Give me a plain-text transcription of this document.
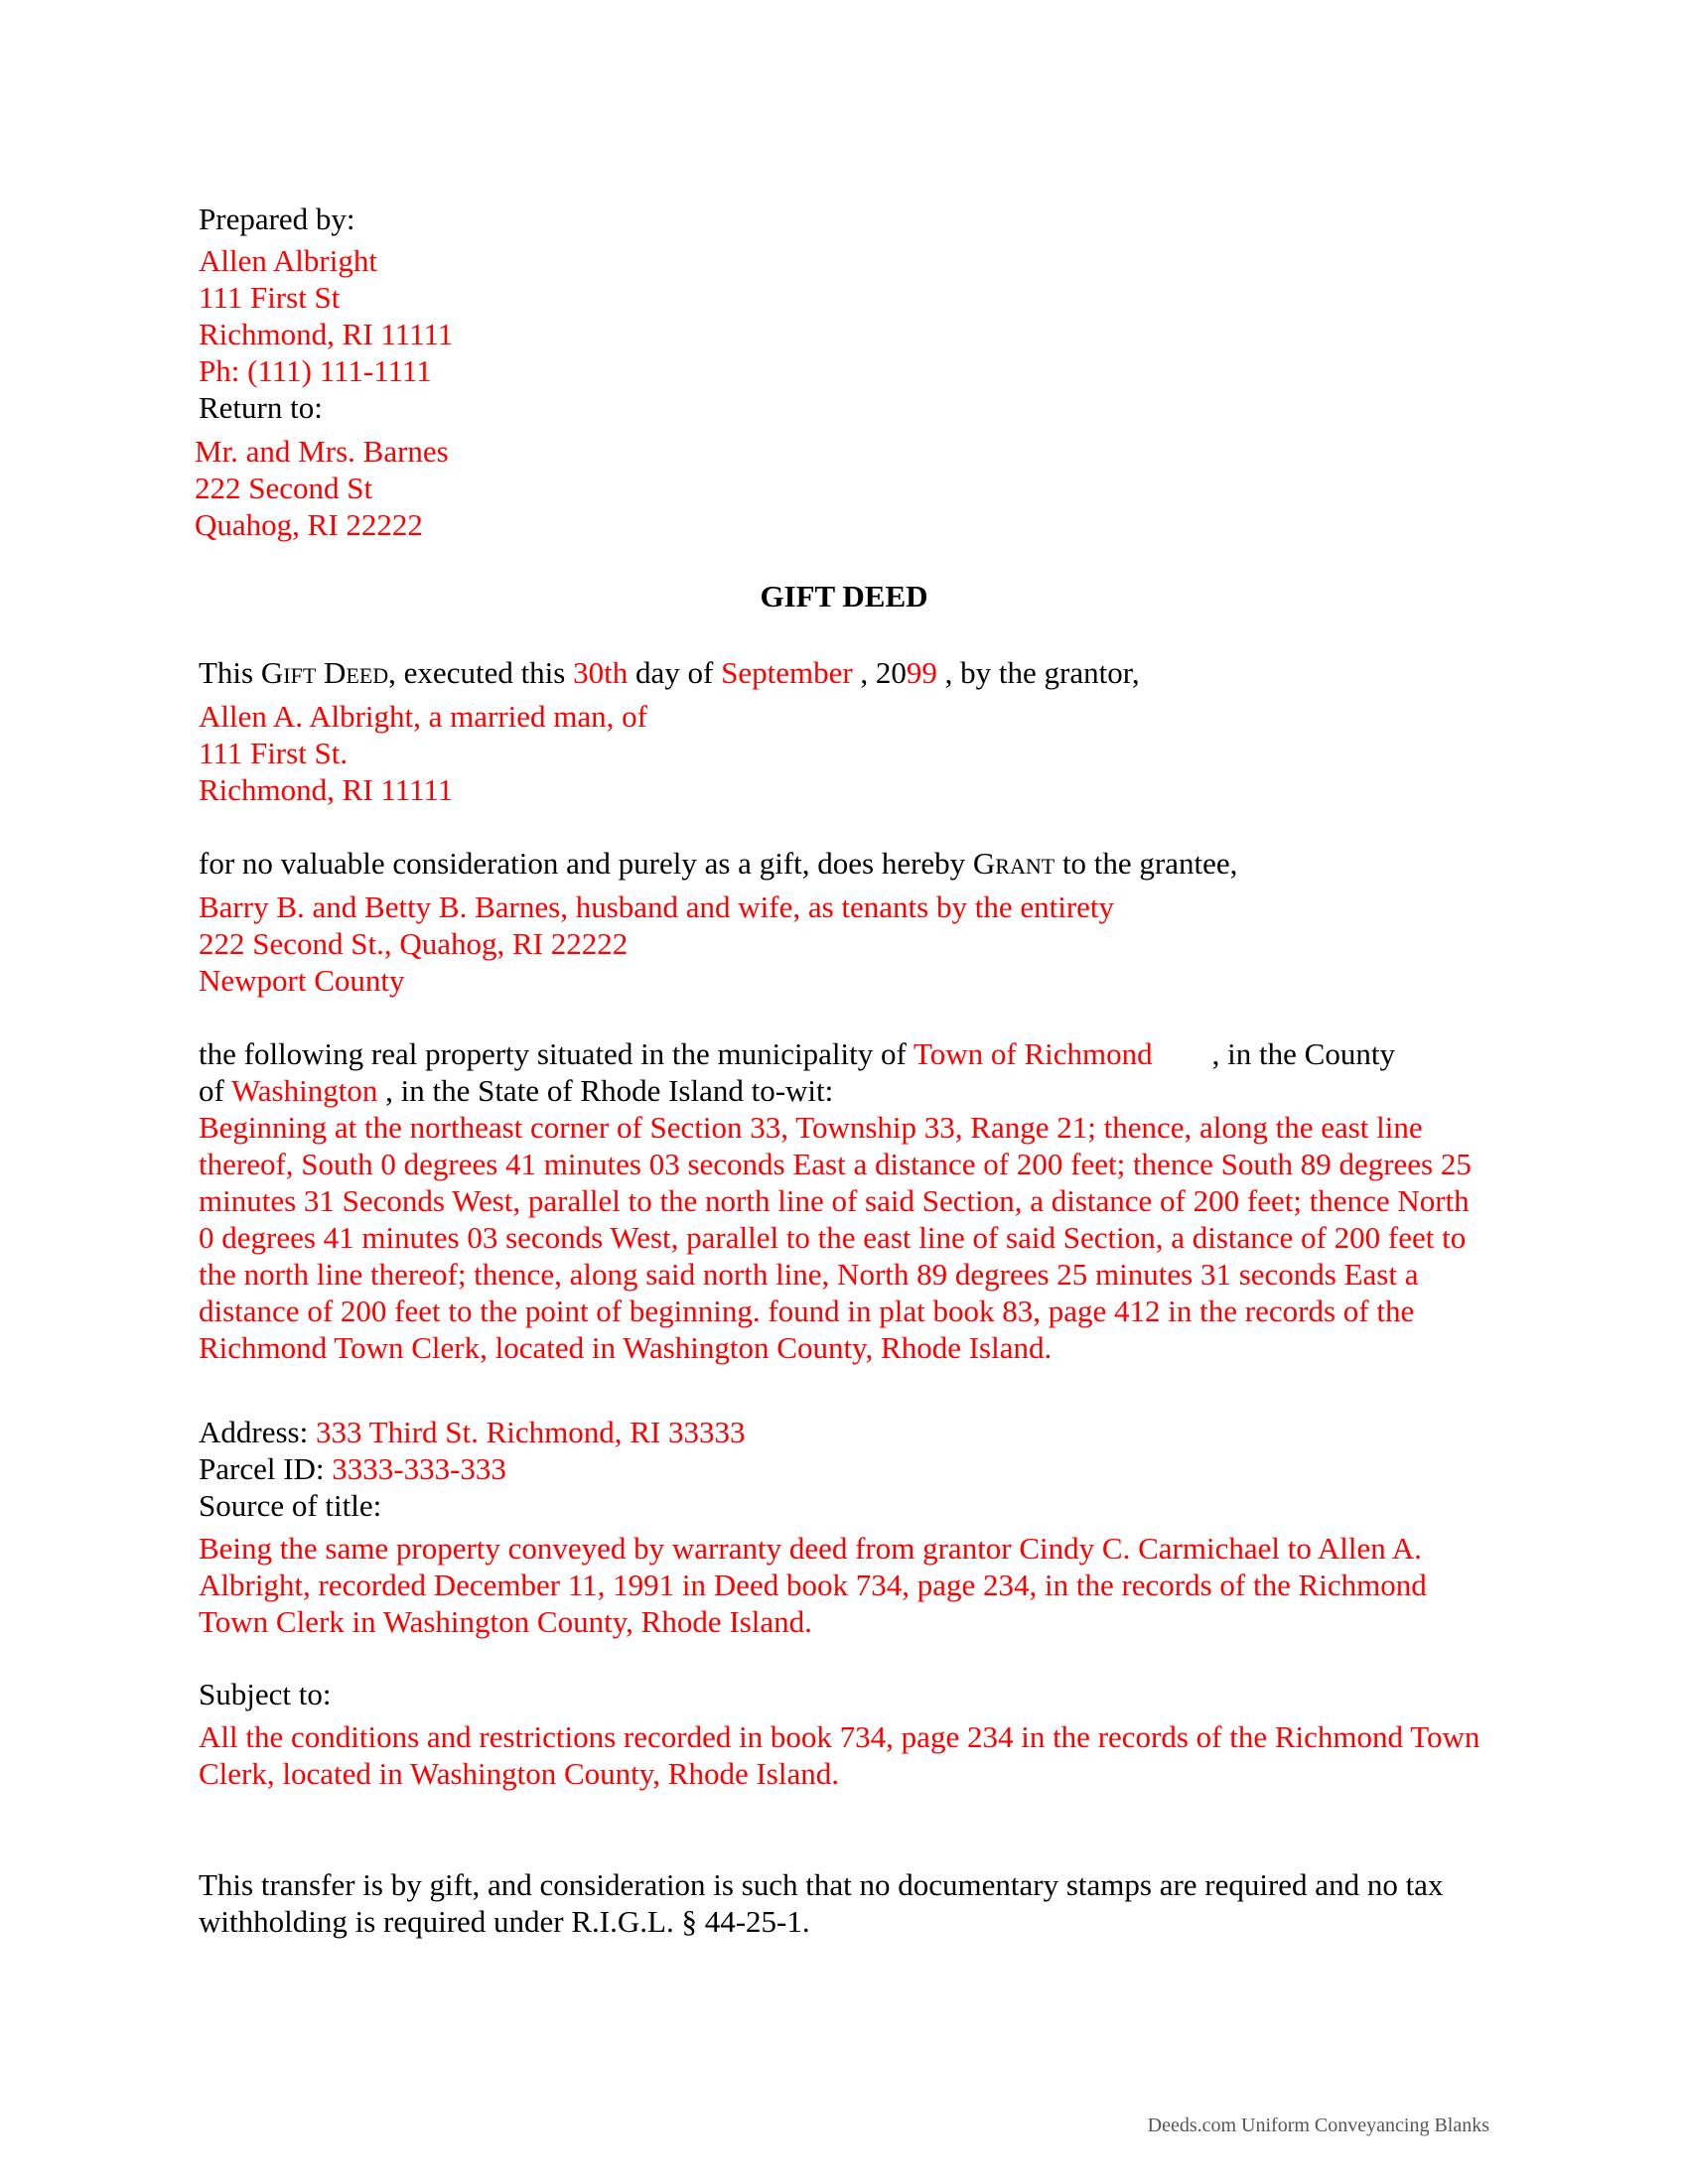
Prepared by:

Allen Albright

111 First St

Richmond, RI 11111

Ph: (111) 111-1111

Return to:

Mr. and Mrs. Barnes

222 Second St

Quahog, RI 22222

GIFT DEED

This Gift Deed, executed this 30th day of September , 2099 , by the grantor,

Allen A. Albright, a married man, of

111 First St.

Richmond, RI 11111

for no valuable consideration and purely as a gift, does hereby Grant to the grantee,

Barry B. and Betty B. Barnes, husband and wife, as tenants by the entirety

222 Second St., Quahog, RI 22222

Newport County

the following real property situated in the municipality of Town of Richmond , in the County

of Washington , in the State of Rhode Island to-wit:

Beginning at the northeast corner of Section 33, Township 33, Range 21; thence, along the east line thereof, South 0 degrees 41 minutes 03 seconds East a distance of 200 feet; thence South 89 degrees 25 minutes 31 Seconds West, parallel to the north line of said Section, a distance of 200 feet; thence North 0 degrees 41 minutes 03 seconds West, parallel to the east line of said Section, a distance of 200 feet to the north line thereof; thence, along said north line, North 89 degrees 25 minutes 31 seconds East a distance of 200 feet to the point of beginning. found in plat book 83, page 412 in the records of the Richmond Town Clerk, located in Washington County, Rhode Island.

Address: 333 Third St. Richmond, RI 33333

Parcel ID: 3333-333-333

Source of title:

Being the same property conveyed by warranty deed from grantor Cindy C. Carmichael to Allen A. Albright, recorded December 11, 1991 in Deed book 734, page 234, in the records of the Richmond Town Clerk in Washington County, Rhode Island.

Subject to:

All the conditions and restrictions recorded in book 734, page 234 in the records of the Richmond Town Clerk, located in Washington County, Rhode Island.

This transfer is by gift, and consideration is such that no documentary stamps are required and no tax withholding is required under R.I.G.L. § 44-25-1.

Deeds.com Uniform Conveyancing Blanks
